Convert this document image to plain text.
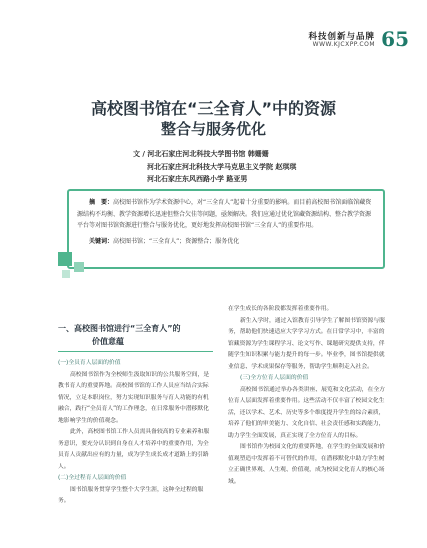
科技创新与品牌
WWW.KJCXPP.COM 65
高校图书馆在“三全育人”中的资源
整合与服务优化
文 / 河北石家庄河北科技大学图书馆 韩姗姗
河北石家庄河北科技大学马克思主义学院 赵琪琪
河北石家庄东风西路小学 路亚男
摘　要：高校图书馆作为学术资源中心，对“三全育人”起着十分重要的影响。而目前高校图书馆面临馆藏资源结构不均衡、教学资源增长迅速但整合欠佳等问题，亟须解决。我们应通过优化馆藏资源结构、整合教学资源平台等对图书馆资源进行整合与服务优化，更好地发挥高校图书馆“三全育人”的重要作用。
关键词：高校图书馆；“三全育人”；资源整合；服务优化
一、高校图书馆进行“三全育人”的
价值意蕴
(一)全员育人层面的价值
高校图书馆作为全校师生汲取知识的公共服务空间，是教书育人的重要阵地。高校图书馆的工作人员应当结合实际情况，立足本职岗位，努力实现知识服务与育人功能的有机融合，践行“全员育人”的工作理念，在日常服务中潜移默化地影响学生的价值观念。
此外，高校图书馆工作人员需具备较高的专业素养和服务意识，要充分认识到自身在人才培养中的重要作用，为全员育人贡献出应有的力量，成为学生成长成才道路上的引路人。
(二)全过程育人层面的价值
图书馆服务贯穿学生整个大学生涯，这种全过程的服务。
在学生成长的各阶段都发挥着重要作用。
新生入学时，通过入馆教育引导学生了解图书馆资源与服务，帮助他们快速适应大学学习方式。在日常学习中，丰富的馆藏资源为学生课程学习、论文写作、课题研究提供支持，伴随学生知识积累与能力提升的每一步。毕业季，图书馆提供就业信息、学术成果保存等服务，帮助学生顺利走入社会。
(三)全方位育人层面的价值
高校图书馆通过举办各类讲座、展览和文化活动，在全方位育人层面发挥着重要作用。这些活动不仅丰富了校园文化生活，还以学术、艺术、历史等多个维度提升学生的综合素质，培养了他们的审美能力、文化自信、社会责任感和实践能力，助力学生全面发展，真正实现了全方位育人的目标。
图书馆作为校园文化的重要阵地，在学生的全面发展和价值观塑造中发挥着不可替代的作用，在潜移默化中助力学生树立正确世界观、人生观、价值观，成为校园文化育人的核心场域。
